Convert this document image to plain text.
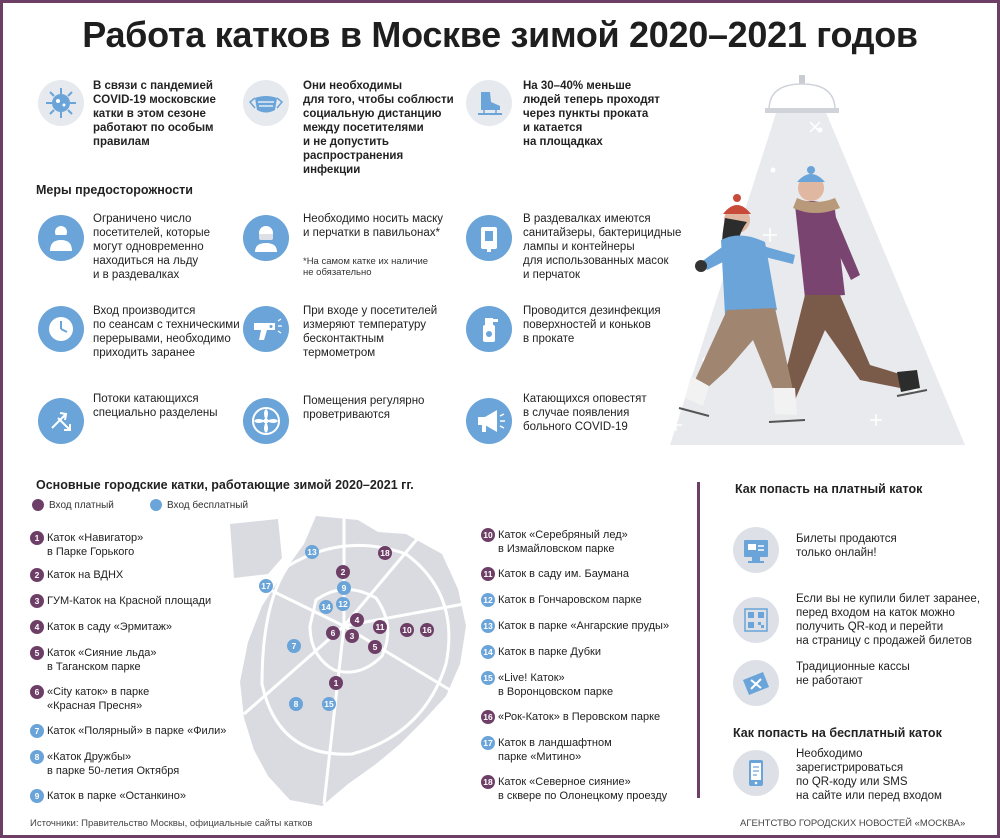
Работа катков в Москве зимой 2020–2021 годов
В связи с пандемией
COVID-19 московские
катки в этом сезоне
работают по особым
правилам
Они необходимы
для того, чтобы соблюсти
социальную дистанцию
между посетителями
и не допустить
распространения
инфекции
На 30–40% меньше
людей теперь проходят
через пункты проката
и катается
на площадках
Меры предосторожности
Ограничено число
посетителей, которые
могут одновременно
находиться на льду
и в раздевалках
Необходимо носить маску
и перчатки в павильонах*
*На самом катке их наличие
не обязательно
В раздевалках имеются
санитайзеры, бактерицидные
лампы и контейнеры
для использованных масок
и перчаток
Вход производится
по сеансам с техническими
перерывами, необходимо
приходить заранее
При входе у посетителей
измеряют температуру
бесконтактным
термометром
Проводится дезинфекция
поверхностей и коньков
в прокате
Потоки катающихся
специально разделены
Помещения регулярно
проветриваются
Катающихся оповестят
в случае появления
больного COVID-19
Основные городские катки, работающие зимой 2020–2021 гг.
Вход платный	Вход бесплатный
1 Каток «Навигатор»
в Парке Горького
2 Каток на ВДНХ
3 ГУМ-Каток на Красной площади
4 Каток в саду «Эрмитаж»
5 Каток «Сияние льда»
в Таганском парке
6 «City каток» в парке
«Красная Пресня»
7 Каток «Полярный» в парке «Фили»
8 «Каток Дружбы»
в парке 50-летия Октября
9 Каток в парке «Останкино»
10 Каток «Серебряный лед»
в Измайловском парке
11 Каток в саду им. Баумана
12 Каток в Гончаровском парке
13 Каток в парке «Ангарские пруды»
14 Каток в парке Дубки
15 «Live! Каток»
в Воронцовском парке
16 «Рок-Каток» в Перовском парке
17 Каток в ландшафтном
парке «Митино»
18 Каток «Северное сияние»
в сквере по Олонецкому проезду
13	18
2
9
17
12
14
4
11 10 16
6	3
5
7
1
8	15
Как попасть на платный каток
Билеты продаются
только онлайн!
Если вы не купили билет заранее,
перед входом на каток можно
получить QR-код и перейти
на страницу с продажей билетов
Традиционные кассы
не работают
Как попасть на бесплатный каток
Необходимо
зарегистрироваться
по QR-коду или SMS
на сайте или перед входом
Источники: Правительство Москвы, официальные сайты катков	АГЕНТСТВО ГОРОДСКИХ НОВОСТЕЙ «МОСКВА»
